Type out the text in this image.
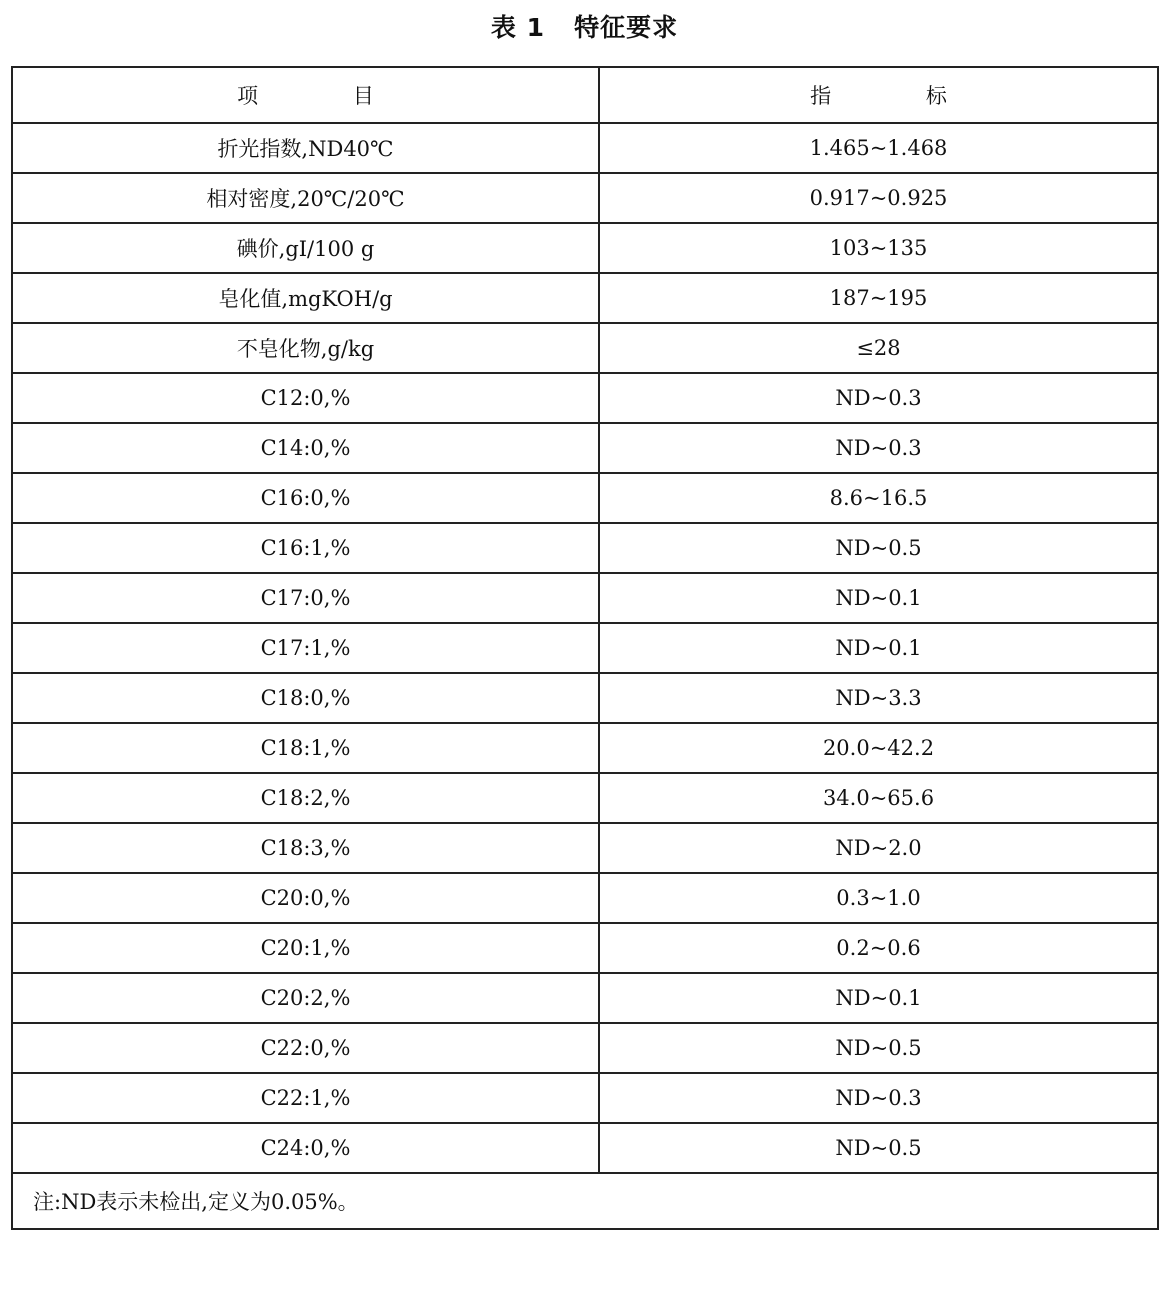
表 1   特征要求
项 目	指 标
折光指数,ND40℃	1.465~1.468
相对密度,20℃/20℃	0.917~0.925
碘价,gI/100 g	103~135
皂化值,mgKOH/g	187~195
不皂化物,g/kg	≤28
C12:0,%	ND~0.3
C14:0,%	ND~0.3
C16:0,%	8.6~16.5
C16:1,%	ND~0.5
C17:0,%	ND~0.1
C17:1,%	ND~0.1
C18:0,%	ND~3.3
C18:1,%	20.0~42.2
C18:2,%	34.0~65.6
C18:3,%	ND~2.0
C20:0,%	0.3~1.0
C20:1,%	0.2~0.6
C20:2,%	ND~0.1
C22:0,%	ND~0.5
C22:1,%	ND~0.3
C24:0,%	ND~0.5
注:ND表示未检出,定义为0.05%。	
